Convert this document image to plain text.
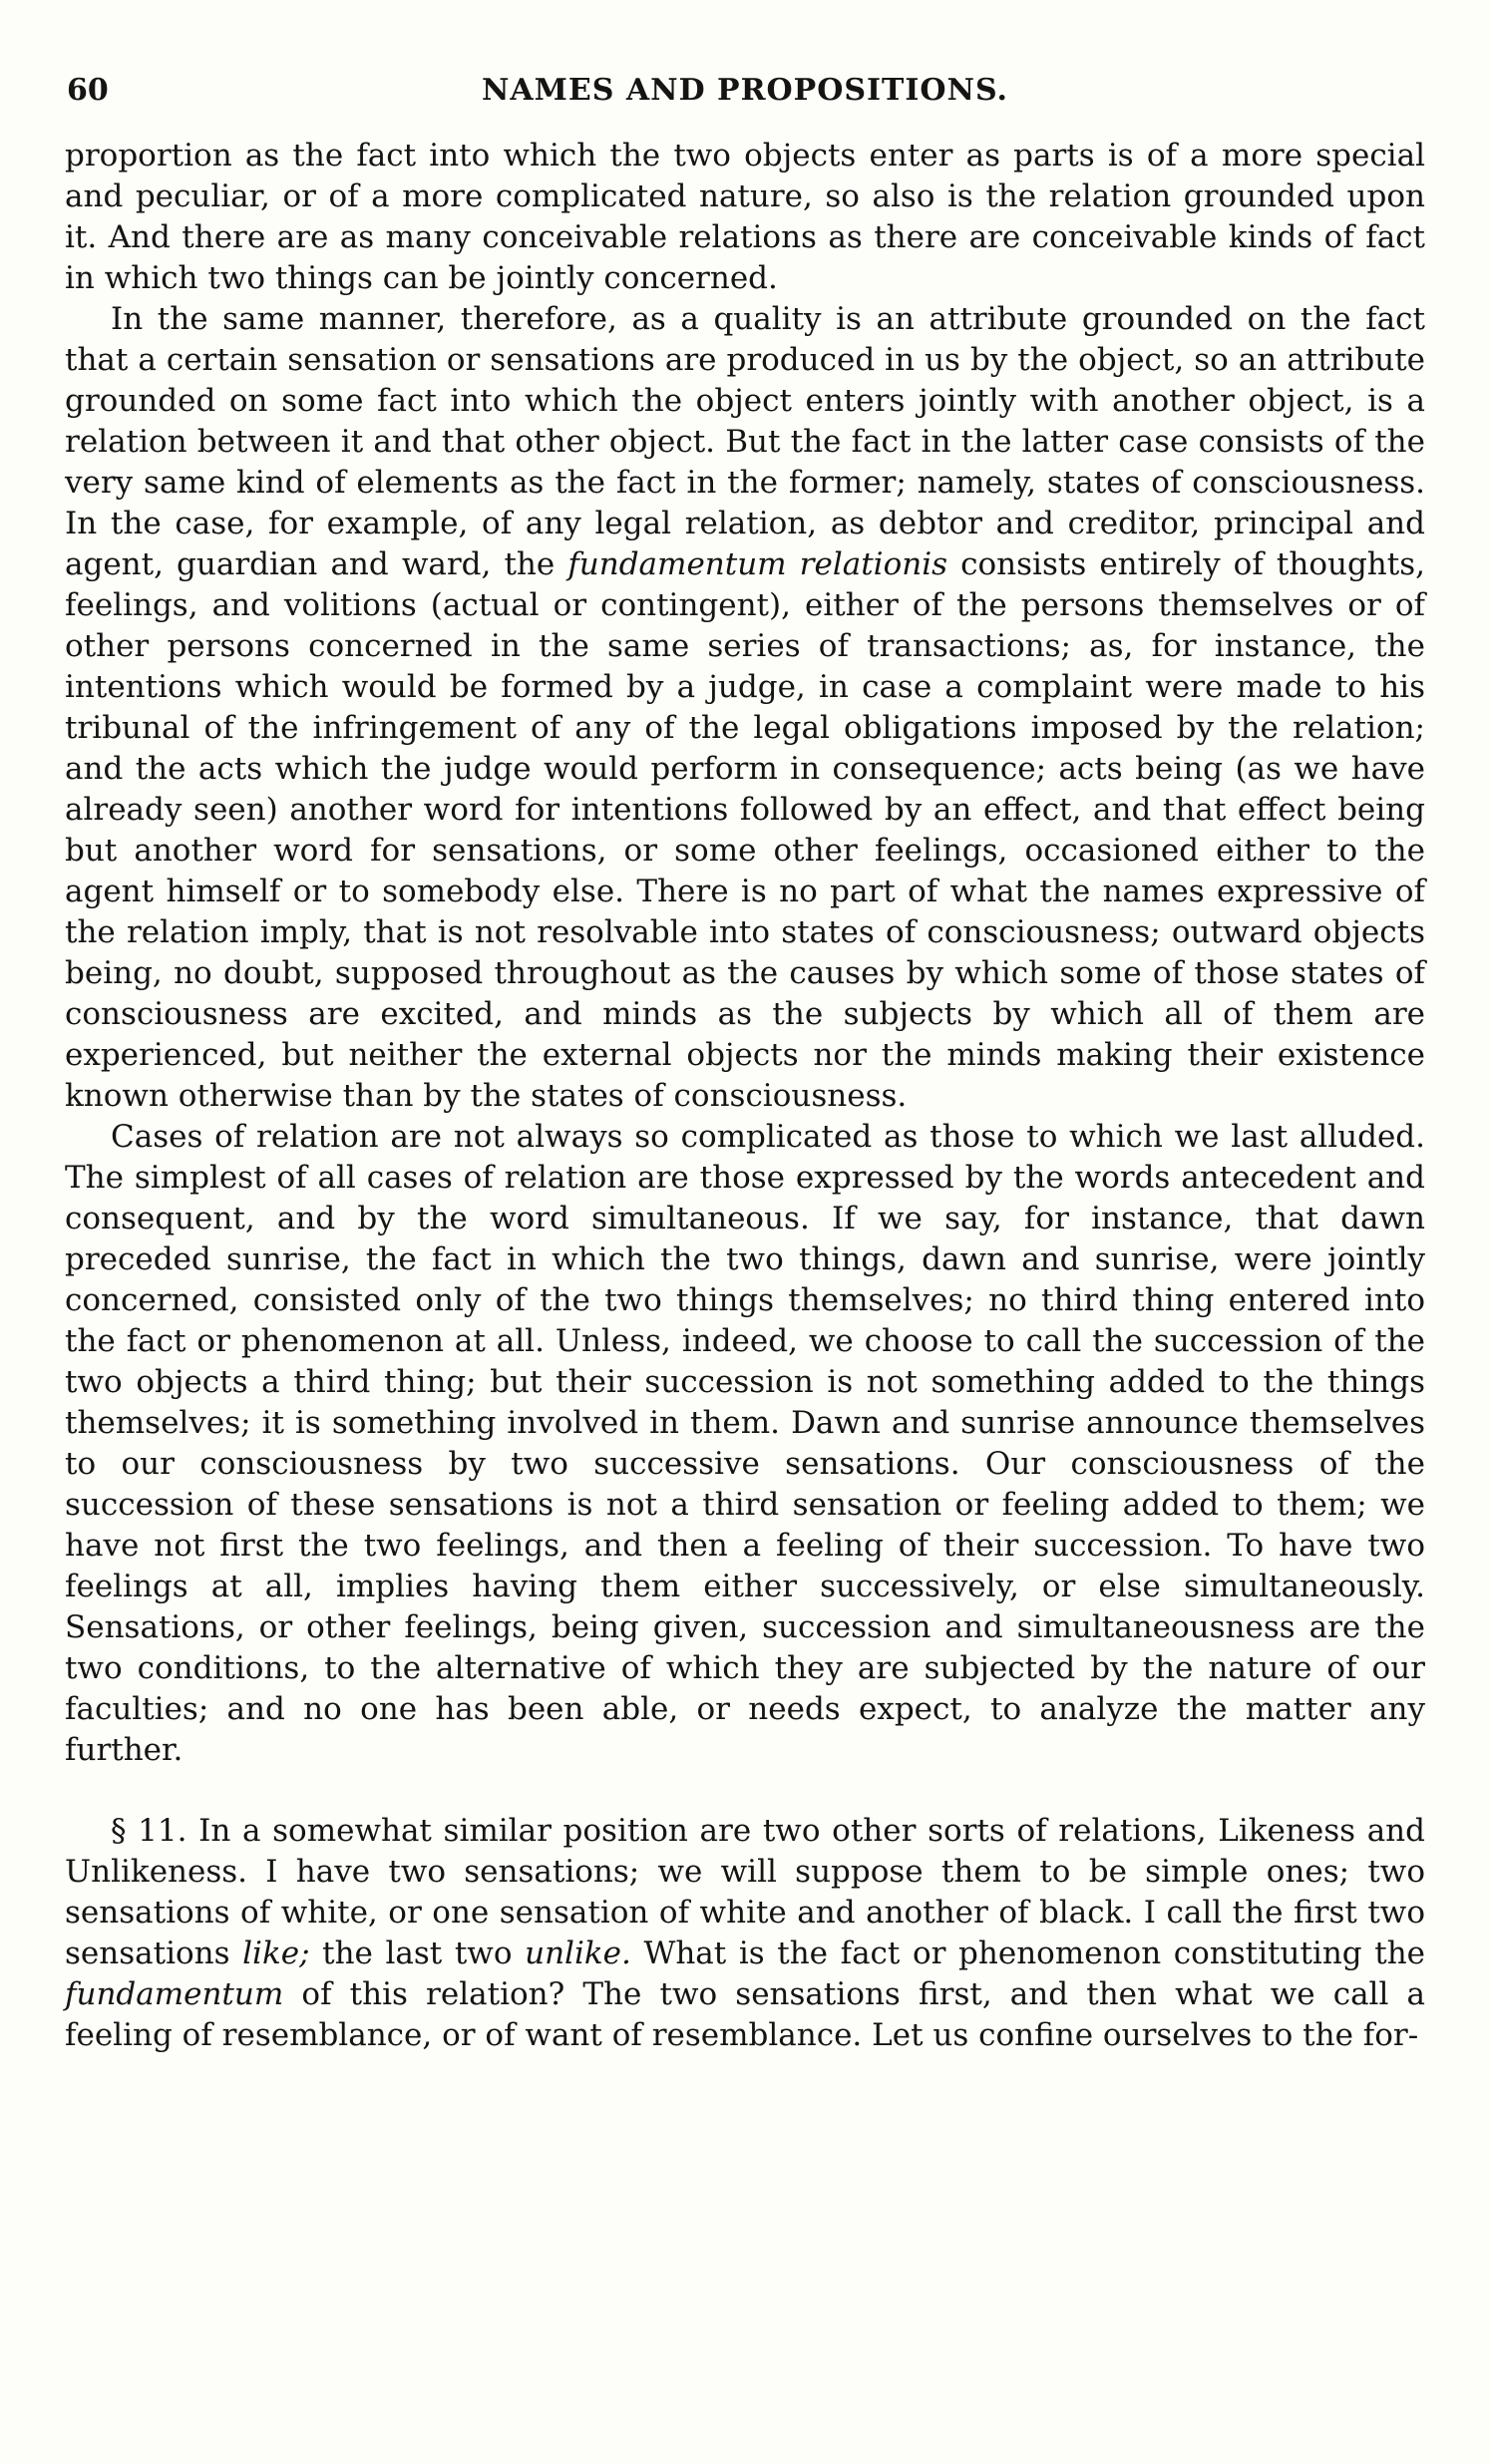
60	NAMES AND PROPOSITIONS.

proportion as the fact into which the two objects enter as parts is of a more special and peculiar, or of a more complicated nature, so also is the relation grounded upon it. And there are as many conceivable relations as there are conceivable kinds of fact in which two things can be jointly concerned.

In the same manner, therefore, as a quality is an attribute grounded on the fact that a certain sensation or sensations are produced in us by the object, so an attribute grounded on some fact into which the object enters jointly with another object, is a relation between it and that other object. But the fact in the latter case consists of the very same kind of elements as the fact in the former; namely, states of consciousness. In the case, for example, of any legal relation, as debtor and creditor, principal and agent, guardian and ward, the fundamentum relationis consists entirely of thoughts, feelings, and volitions (actual or contingent), either of the persons themselves or of other persons concerned in the same series of transactions; as, for instance, the intentions which would be formed by a judge, in case a complaint were made to his tribunal of the infringement of any of the legal obligations imposed by the relation; and the acts which the judge would perform in consequence; acts being (as we have already seen) another word for intentions followed by an effect, and that effect being but another word for sensations, or some other feelings, occasioned either to the agent himself or to somebody else. There is no part of what the names expressive of the relation imply, that is not resolvable into states of consciousness; outward objects being, no doubt, supposed throughout as the causes by which some of those states of consciousness are excited, and minds as the subjects by which all of them are experienced, but neither the external objects nor the minds making their existence known otherwise than by the states of consciousness.

Cases of relation are not always so complicated as those to which we last alluded. The simplest of all cases of relation are those expressed by the words antecedent and consequent, and by the word simultaneous. If we say, for instance, that dawn preceded sunrise, the fact in which the two things, dawn and sunrise, were jointly concerned, consisted only of the two things themselves; no third thing entered into the fact or phenomenon at all. Unless, indeed, we choose to call the succession of the two objects a third thing; but their succession is not something added to the things themselves; it is something involved in them. Dawn and sunrise announce themselves to our consciousness by two successive sensations. Our consciousness of the succession of these sensations is not a third sensation or feeling added to them; we have not first the two feelings, and then a feeling of their succession. To have two feelings at all, implies having them either successively, or else simultaneously. Sensations, or other feelings, being given, succession and simultaneousness are the two conditions, to the alternative of which they are subjected by the nature of our faculties; and no one has been able, or needs expect, to analyze the matter any further.

§ 11. In a somewhat similar position are two other sorts of relations, Likeness and Unlikeness. I have two sensations; we will suppose them to be simple ones; two sensations of white, or one sensation of white and another of black. I call the first two sensations like; the last two unlike. What is the fact or phenomenon constituting the fundamentum of this relation? The two sensations first, and then what we call a feeling of resemblance, or of want of resemblance. Let us confine ourselves to the for-
